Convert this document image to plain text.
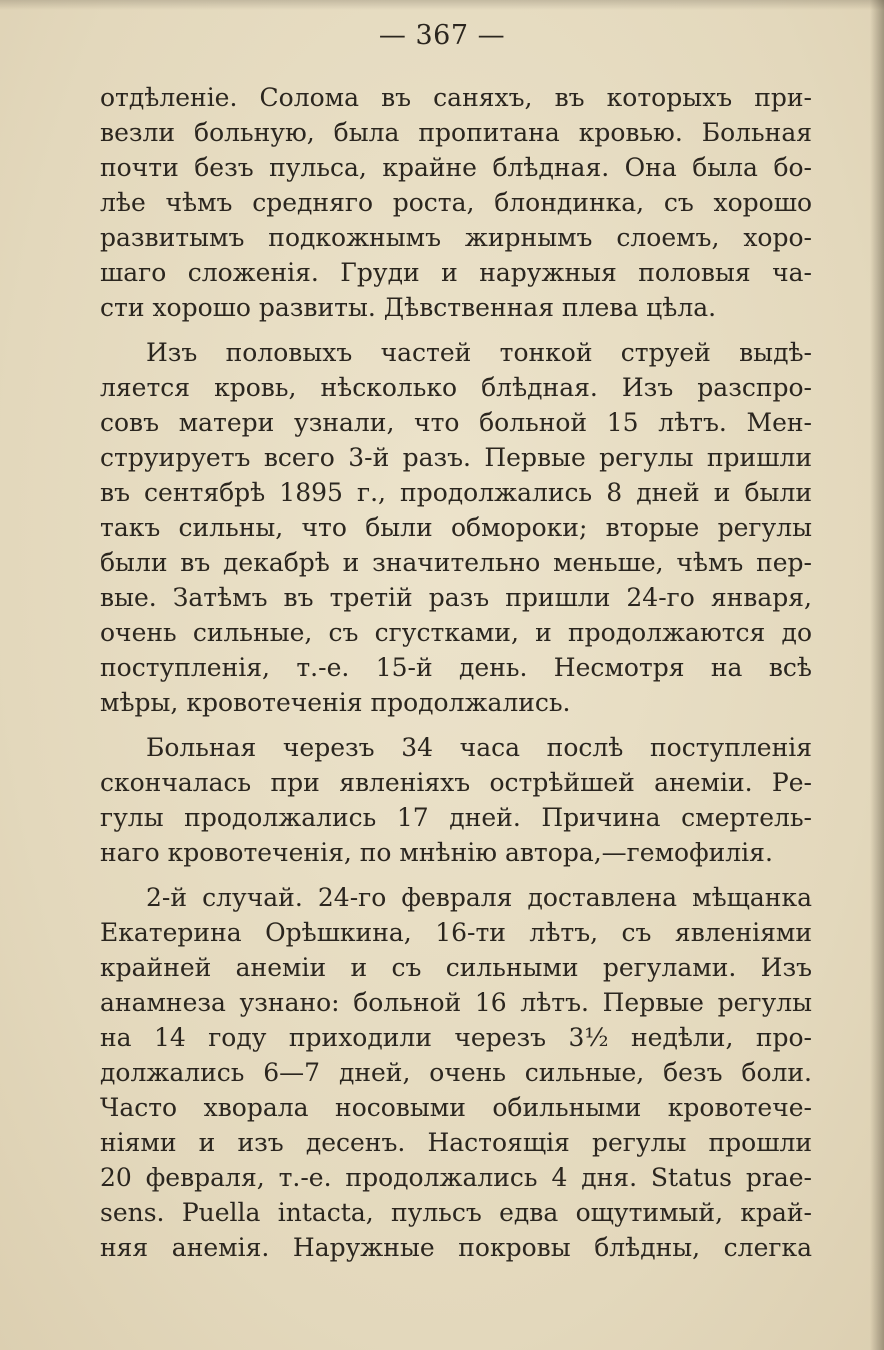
— 367 —
отдѣленіе. Солома въ саняхъ, въ которыхъ при-
везли больную, была пропитана кровью. Больная
почти безъ пульса, крайне блѣдная. Она была бо-
лѣе чѣмъ средняго роста, блондинка, съ хорошо
развитымъ подкожнымъ жирнымъ слоемъ, хоро-
шаго сложенія. Груди и наружныя половыя ча-
сти хорошо развиты. Дѣвственная плева цѣла.
Изъ половыхъ частей тонкой струей выдѣ-
ляется кровь, нѣсколько блѣдная. Изъ разспро-
совъ матери узнали, что больной 15 лѣтъ. Мен-
струируетъ всего 3-й разъ. Первые регулы пришли
въ сентябрѣ 1895 г., продолжались 8 дней и были
такъ сильны, что были обмороки; вторые регулы
были въ декабрѣ и значительно меньше, чѣмъ пер-
вые. Затѣмъ въ третій разъ пришли 24-го января,
очень сильные, съ сгустками, и продолжаются до
поступленія, т.-е. 15-й день. Несмотря на всѣ
мѣры, кровотеченія продолжались.
Больная черезъ 34 часа послѣ поступленія
скончалась при явленіяхъ острѣйшей анеміи. Ре-
гулы продолжались 17 дней. Причина смертель-
наго кровотеченія, по мнѣнію автора,—гемофилія.
2-й случай. 24-го февраля доставлена мѣщанка
Екатерина Орѣшкина, 16-ти лѣтъ, съ явленіями
крайней анеміи и съ сильными регулами. Изъ
анамнеза узнано: больной 16 лѣтъ. Первые регулы
на 14 году приходили черезъ 3½ недѣли, про-
должались 6—7 дней, очень сильные, безъ боли.
Часто хворала носовыми обильными кровотече-
ніями и изъ десенъ. Настоящія регулы прошли
20 февраля, т.-е. продолжались 4 дня. Status prae-
sens. Puella intacta, пульсъ едва ощутимый, край-
няя анемія. Наружные покровы блѣдны, слегка
